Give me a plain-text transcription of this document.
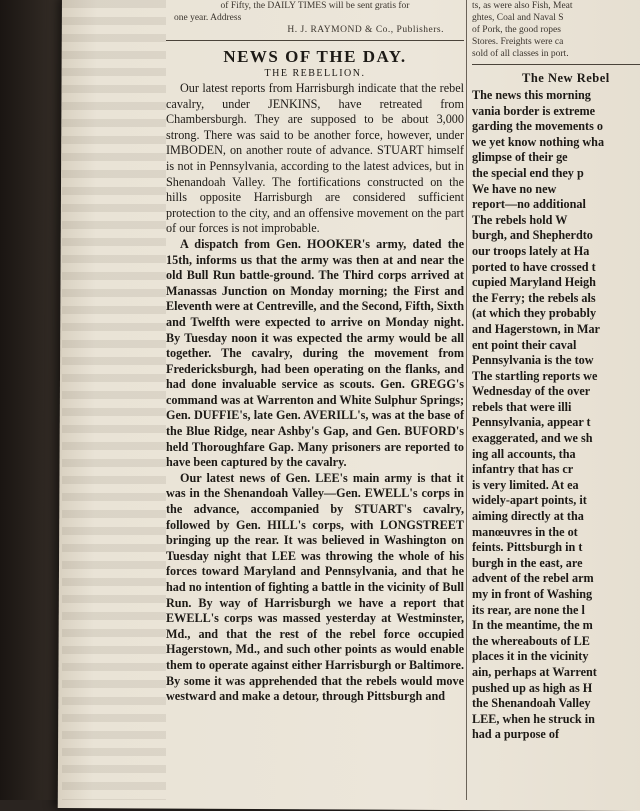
of Fifty, the DAILY TIMES will be sent gratis for
one year. Address
H. J. RAYMOND & Co., Publishers.
NEWS OF THE DAY.
THE REBELLION.

Our latest reports from Harrisburgh indicate that the rebel cavalry, under JENKINS, have retreated from Chambersburgh. They are supposed to be about 3,000 strong. There was said to be another force, however, under IMBODEN, on another route of advance. STUART himself is not in Pennsylvania, according to the latest advices, but in Shenandoah Valley. The fortifications constructed on the hills opposite Harrisburgh are considered sufficient protection to the city, and an offensive movement on the part of our forces is not improbable.

A dispatch from Gen. HOOKER's army, dated the 15th, informs us that the army was then at and near the old Bull Run battle-ground. The Third corps arrived at Manassas Junction on Monday morning; the First and Eleventh were at Centreville, and the Second, Fifth, Sixth and Twelfth were expected to arrive on Monday night. By Tuesday noon it was expected the army would be all together. The cavalry, during the movement from Fredericksburgh, had been operating on the flanks, and had done invaluable service as scouts. Gen. GREGG's command was at Warrenton and White Sulphur Springs; Gen. DUFFIE's, late Gen. AVERILL's, was at the base of the Blue Ridge, near Ashby's Gap, and Gen. BUFORD's held Thoroughfare Gap. Many prisoners are reported to have been captured by the cavalry.

Our latest news of Gen. LEE's main army is that it was in the Shenandoah Valley—Gen. EWELL's corps in the advance, accompanied by STUART's cavalry, followed by Gen. HILL's corps, with LONGSTREET bringing up the rear. It was believed in Washington on Tuesday night that LEE was throwing the whole of his forces toward Maryland and Pennsylvania, and that he had no intention of fighting a battle in the vicinity of Bull Run. By way of Harrisburgh we have a report that EWELL's corps was massed yesterday at Westminster, Md., and that the rest of the rebel force occupied Hagerstown, Md., and such other points as would enable them to operate against either Harrisburgh or Baltimore. By some it was apprehended that the rebels would move westward and make a detour, through Pittsburgh and

ts, as were also Fish, Meat
ghtes, Coal and Naval S
of Pork, the good ropes
Stores. Freights were ca
sold of all classes in port.
The New Rebel
The news this morning
vania border is extreme
garding the movements o
we yet know nothing wha
glimpse of their ge
the special end they p
We have no new
report—no additional
The rebels hold W
burgh, and Shepherdto
our troops lately at Ha
ported to have crossed t
cupied Maryland Heigh
the Ferry; the rebels als
(at which they probably
and Hagerstown, in Mar
ent point their caval
Pennsylvania is the tow
The startling reports we
Wednesday of the over
rebels that were illi
Pennsylvania, appear t
exaggerated, and we sh
ing all accounts, tha
infantry that has cr
is very limited. At ea
widely-apart points, it
aiming directly at tha
manœuvres in the ot
feints. Pittsburgh in t
burgh in the east, are
advent of the rebel arm
my in front of Washing
its rear, are none the l
In the meantime, the m
the whereabouts of LE
places it in the vicinity
ain, perhaps at Warrent
pushed up as high as H
the Shenandoah Valley
LEE, when he struck in
had a purpose of
